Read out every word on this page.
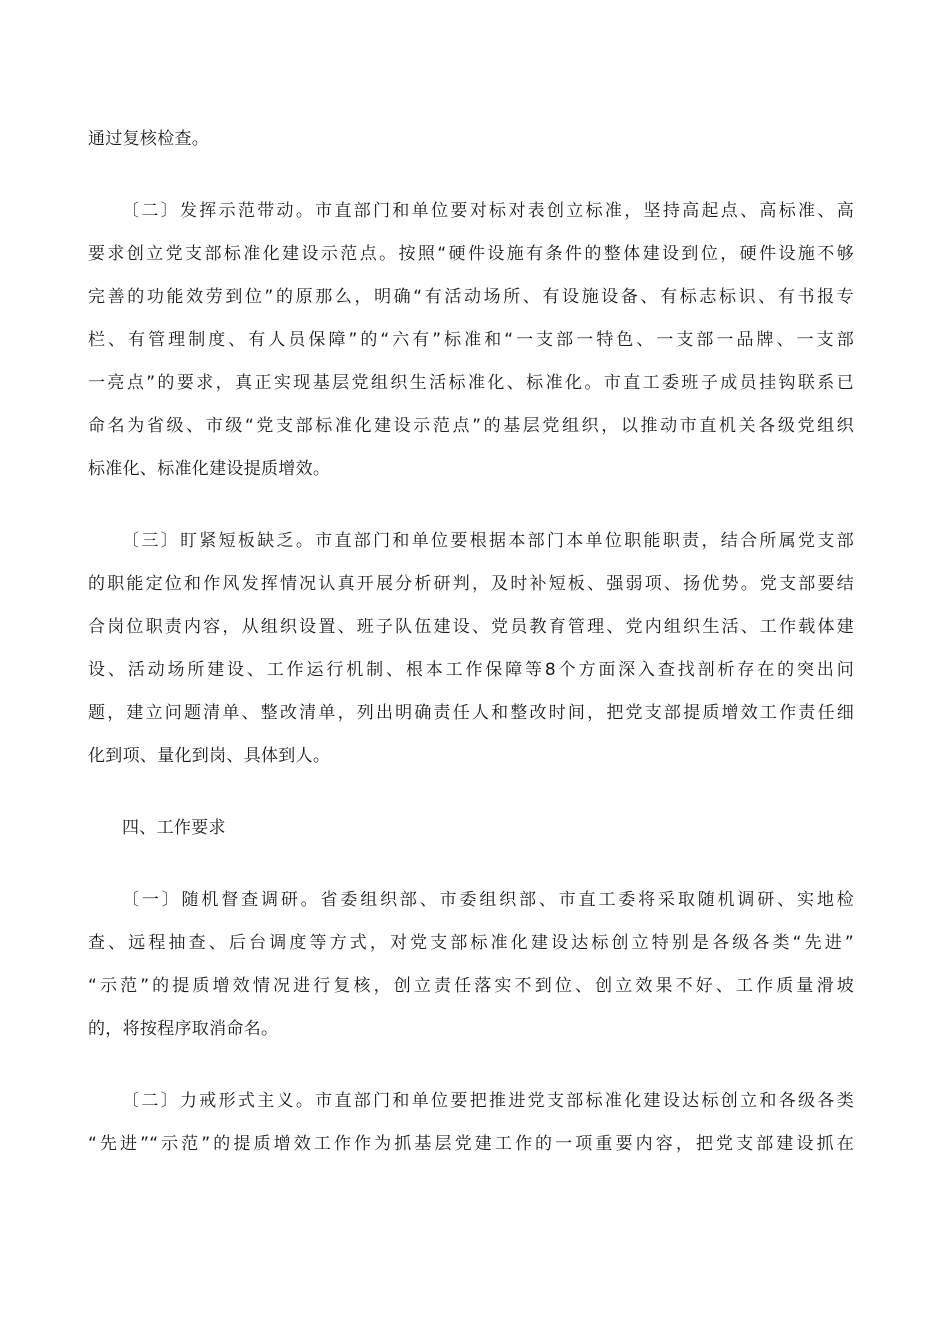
通过复核检查。
〔二〕发挥示范带动。市直部门和单位要对标对表创立标准，坚持高起点、高标准、高
要求创立党支部标准化建设示范点。按照“硬件设施有条件的整体建设到位，硬件设施不够
完善的功能效劳到位”的原那么，明确“有活动场所、有设施设备、有标志标识、有书报专
栏、有管理制度、有人员保障”的“六有”标准和“一支部一特色、一支部一品牌、一支部
一亮点”的要求，真正实现基层党组织生活标准化、标准化。市直工委班子成员挂钩联系已
命名为省级、市级“党支部标准化建设示范点”的基层党组织，以推动市直机关各级党组织
标准化、标准化建设提质增效。
〔三〕盯紧短板缺乏。市直部门和单位要根据本部门本单位职能职责，结合所属党支部
的职能定位和作风发挥情况认真开展分析研判，及时补短板、强弱项、扬优势。党支部要结
合岗位职责内容，从组织设置、班子队伍建设、党员教育管理、党内组织生活、工作载体建
设、活动场所建设、工作运行机制、根本工作保障等8个方面深入查找剖析存在的突出问
题，建立问题清单、整改清单，列出明确责任人和整改时间，把党支部提质增效工作责任细
化到项、量化到岗、具体到人。
四、工作要求
〔一〕随机督查调研。省委组织部、市委组织部、市直工委将采取随机调研、实地检
查、远程抽查、后台调度等方式，对党支部标准化建设达标创立特别是各级各类“先进”
“示范”的提质增效情况进行复核，创立责任落实不到位、创立效果不好、工作质量滑坡
的，将按程序取消命名。
〔二〕力戒形式主义。市直部门和单位要把推进党支部标准化建设达标创立和各级各类
“先进”“示范”的提质增效工作作为抓基层党建工作的一项重要内容，把党支部建设抓在
